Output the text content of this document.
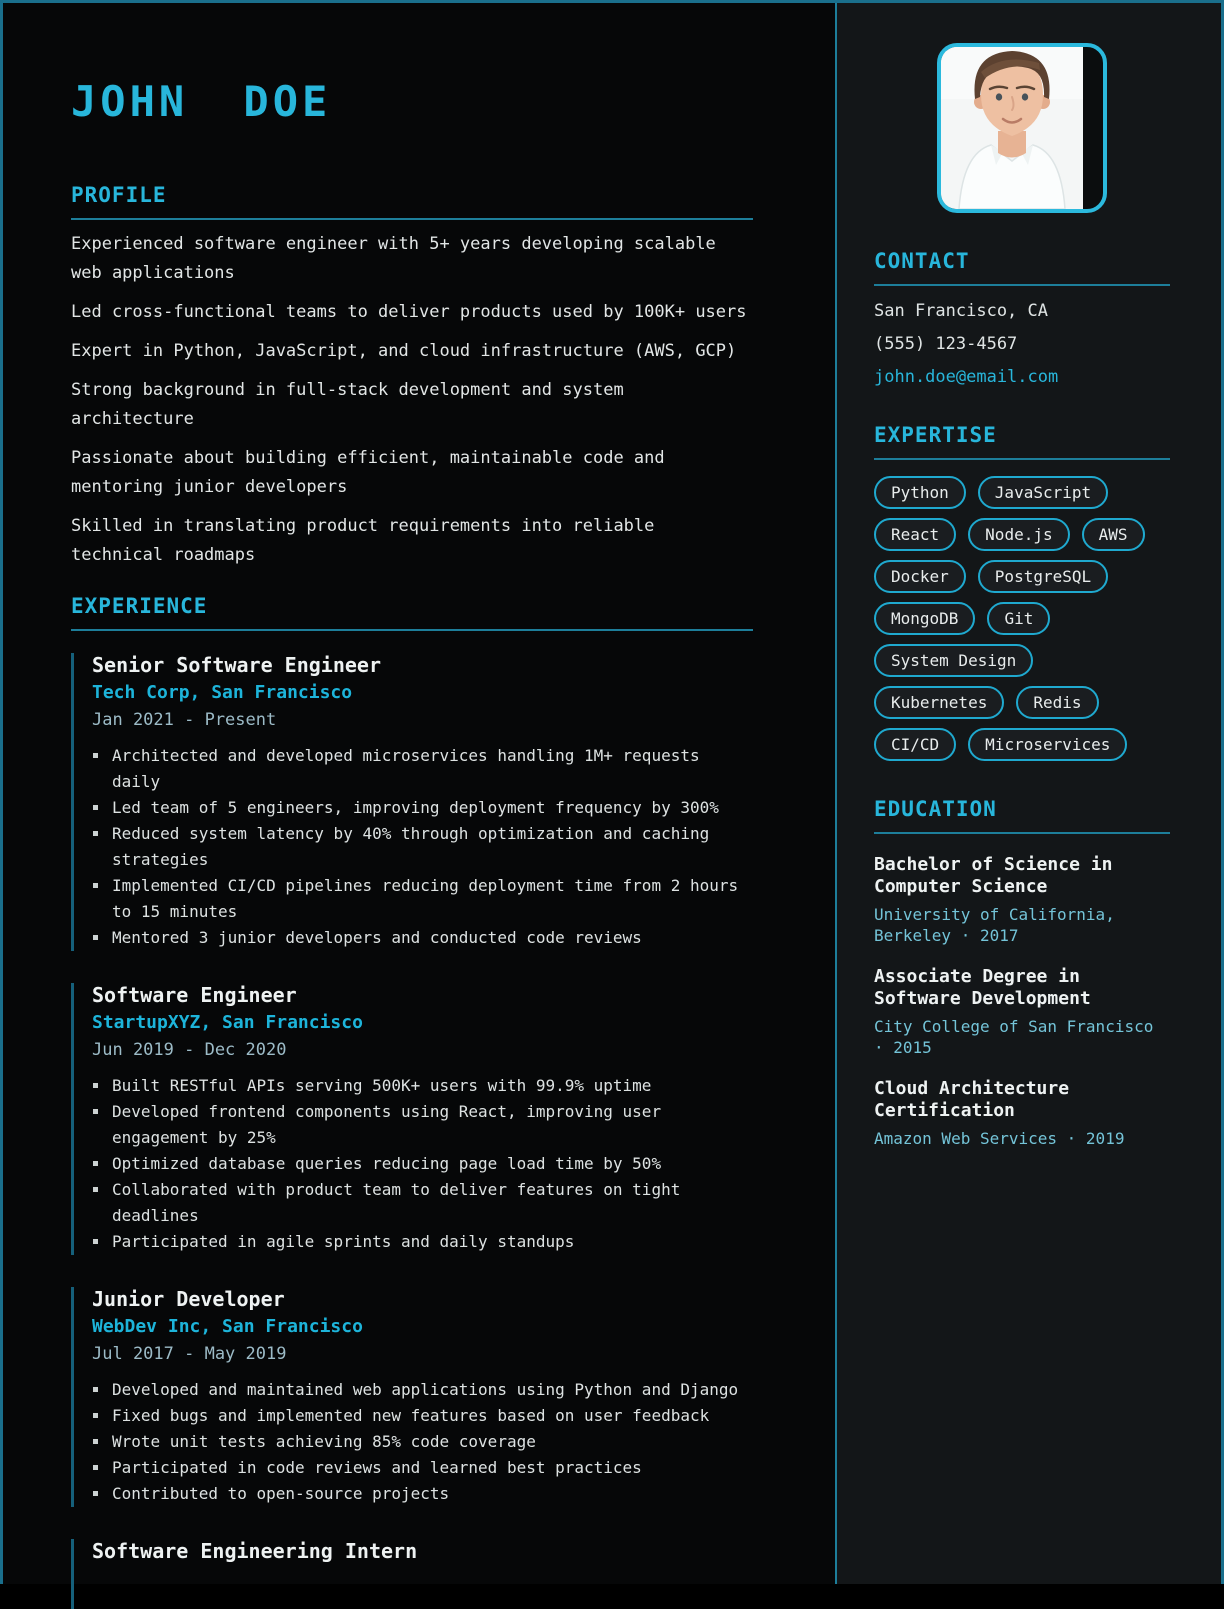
JOHN DOE
PROFILE

Experienced software engineer with 5+ years developing scalable web applications

Led cross-functional teams to deliver products used by 100K+ users

Expert in Python, JavaScript, and cloud infrastructure (AWS, GCP)

Strong background in full-stack development and system architecture

Passionate about building efficient, maintainable code and mentoring junior developers

Skilled in translating product requirements into reliable technical roadmaps

EXPERIENCE
Senior Software Engineer
Tech Corp, San Francisco
Jan 2021 - Present
Architected and developed microservices handling 1M+ requests daily
Led team of 5 engineers, improving deployment frequency by 300%
Reduced system latency by 40% through optimization and caching strategies
Implemented CI/CD pipelines reducing deployment time from 2 hours to 15 minutes
Mentored 3 junior developers and conducted code reviews
Software Engineer
StartupXYZ, San Francisco
Jun 2019 - Dec 2020
Built RESTful APIs serving 500K+ users with 99.9% uptime
Developed frontend components using React, improving user engagement by 25%
Optimized database queries reducing page load time by 50%
Collaborated with product team to deliver features on tight deadlines
Participated in agile sprints and daily standups
Junior Developer
WebDev Inc, San Francisco
Jul 2017 - May 2019
Developed and maintained web applications using Python and Django
Fixed bugs and implemented new features based on user feedback
Wrote unit tests achieving 85% code coverage
Participated in code reviews and learned best practices
Contributed to open-source projects
Software Engineering Intern
CONTACT

San Francisco, CA

(555) 123-4567

john.doe@email.com

EXPERTISE
Python	JavaScript
React	Node.js	AWS
Docker	PostgreSQL
MongoDB	Git
System Design
Kubernetes	Redis
CI/CD	Microservices
EDUCATION
Bachelor of Science in Computer Science
University of California, Berkeley · 2017
Associate Degree in Software Development
City College of San Francisco · 2015
Cloud Architecture Certification
Amazon Web Services · 2019
